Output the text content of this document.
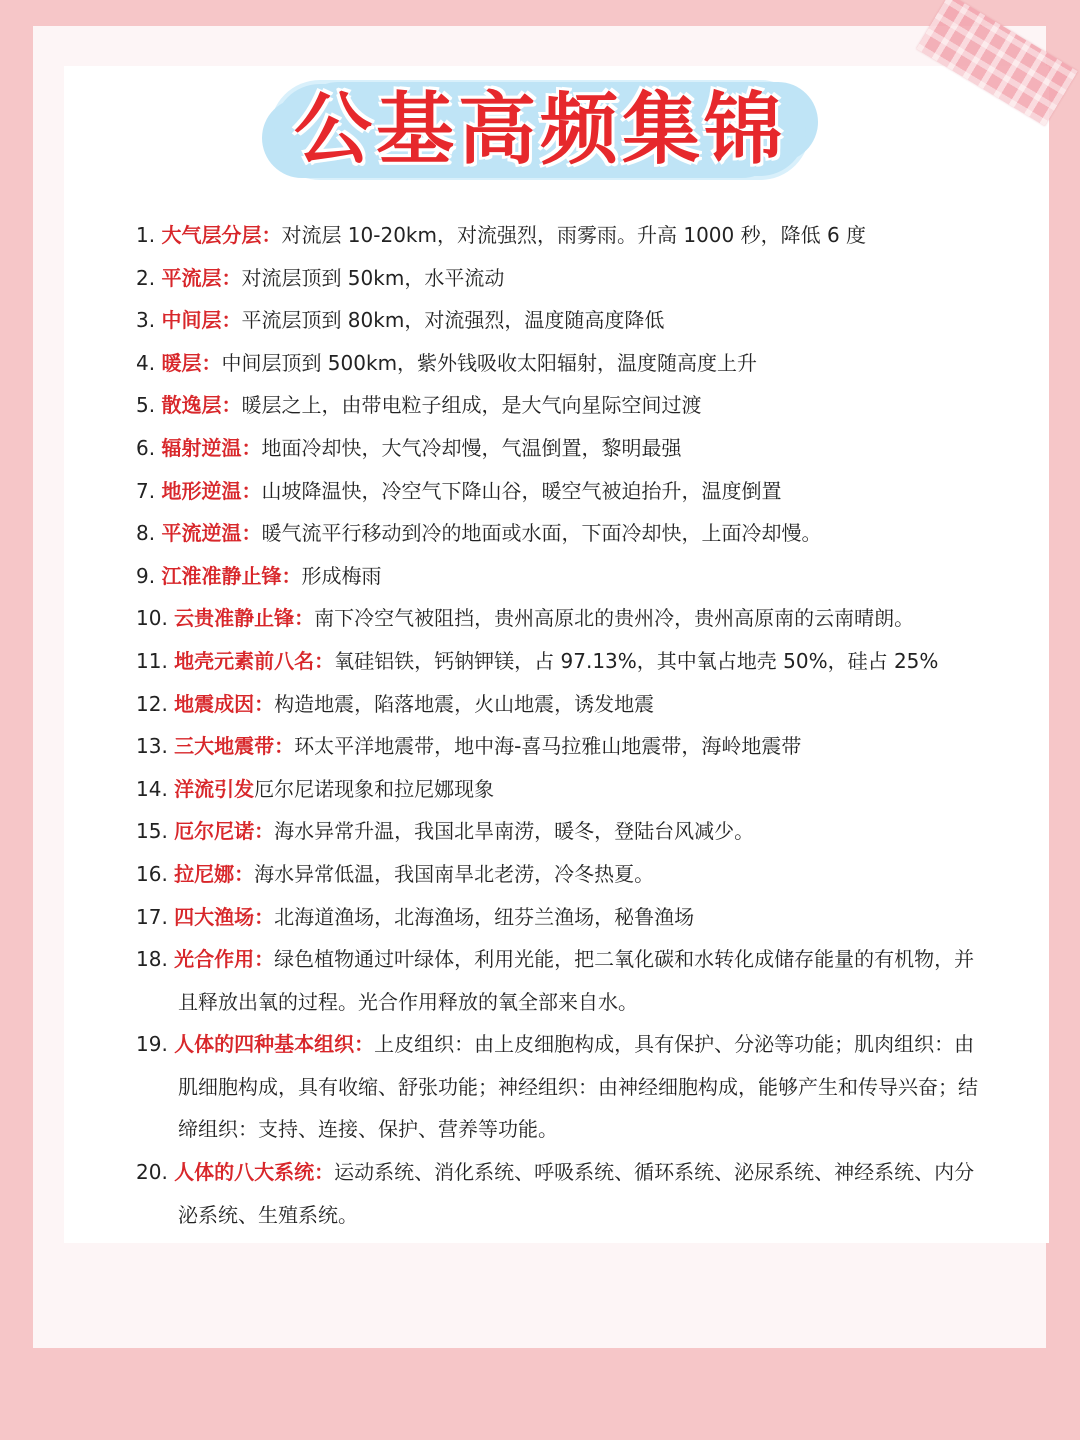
公基高频集锦
1. 大气层分层：对流层 10-20km，对流强烈，雨雾雨。升高 1000 秒，降低 6 度
2. 平流层：对流层顶到 50km，水平流动
3. 中间层：平流层顶到 80km，对流强烈，温度随高度降低
4. 暖层：中间层顶到 500km，紫外钱吸收太阳辐射，温度随高度上升
5. 散逸层：暖层之上，由带电粒子组成，是大气向星际空间过渡
6. 辐射逆温：地面冷却快，大气冷却慢，气温倒置，黎明最强
7. 地形逆温：山坡降温快，冷空气下降山谷，暖空气被迫抬升，温度倒置
8. 平流逆温：暖气流平行移动到冷的地面或水面，下面冷却快，上面冷却慢。
9. 江淮准静止锋：形成梅雨
10. 云贵准静止锋：南下冷空气被阻挡，贵州高原北的贵州冷，贵州高原南的云南晴朗。
11. 地壳元素前八名：氧硅铝铁，钙钠钾镁，占 97.13%，其中氧占地壳 50%，硅占 25%
12. 地震成因：构造地震，陷落地震，火山地震，诱发地震
13. 三大地震带：环太平洋地震带，地中海-喜马拉雅山地震带，海岭地震带
14. 洋流引发厄尔尼诺现象和拉尼娜现象
15. 厄尔尼诺：海水异常升温，我国北旱南涝，暖冬，登陆台风减少。
16. 拉尼娜：海水异常低温，我国南旱北老涝，冷冬热夏。
17. 四大渔场：北海道渔场，北海渔场，纽芬兰渔场，秘鲁渔场
18. 光合作用：绿色植物通过叶绿体，利用光能，把二氧化碳和水转化成储存能量的有机物，并且释放出氧的过程。光合作用释放的氧全部来自水。
19. 人体的四种基本组织：上皮组织：由上皮细胞构成，具有保护、分泌等功能；肌肉组织：由肌细胞构成，具有收缩、舒张功能；神经组织：由神经细胞构成，能够产生和传导兴奋；结缔组织：支持、连接、保护、营养等功能。
20. 人体的八大系统：运动系统、消化系统、呼吸系统、循环系统、泌尿系统、神经系统、内分泌系统、生殖系统。
